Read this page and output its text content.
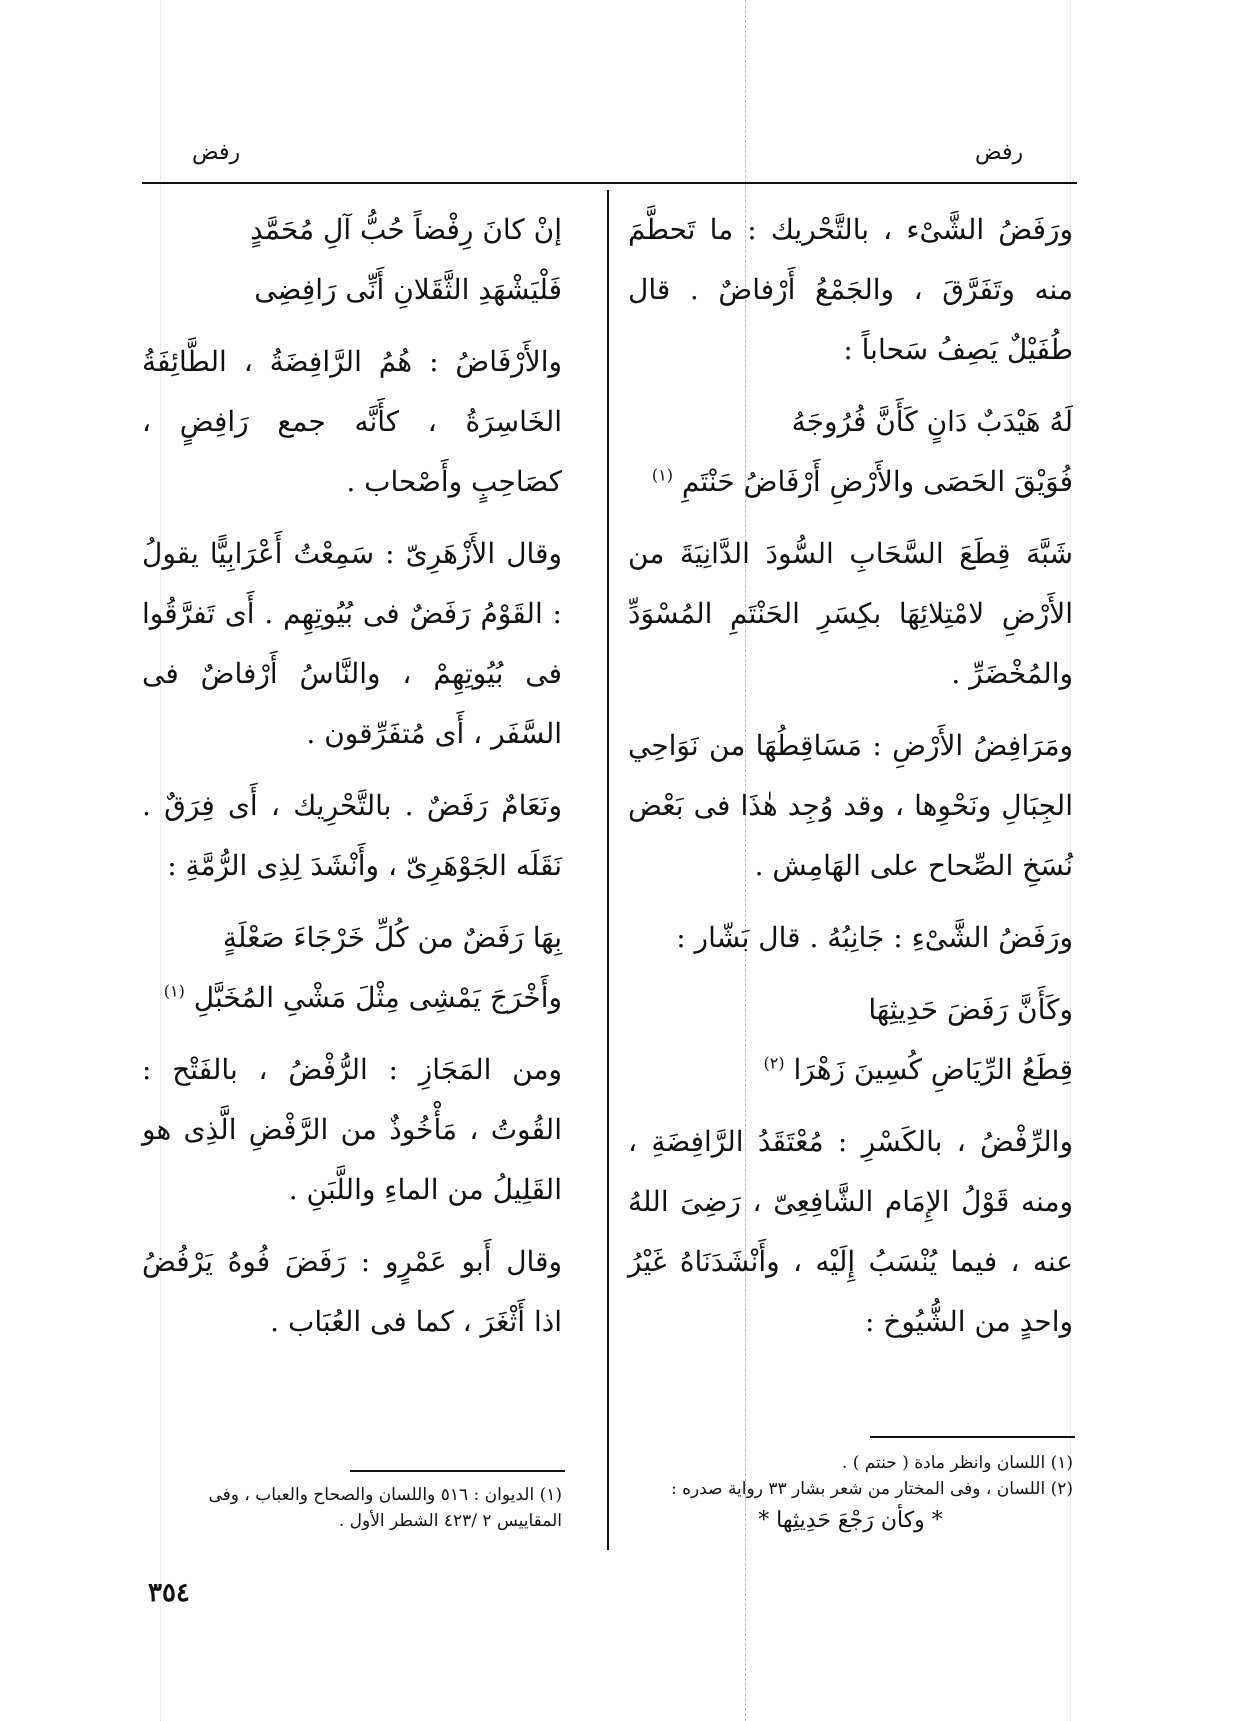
رفض
رفض

ورَفَضُ الشَّىْء ، بالتَّحْريك : ما تَحطَّمَ منه وتَفَرَّقَ ، والجَمْعُ أَرْفاضٌ . قال طُفَيْلٌ يَصِفُ سَحاباً :

لَهُ هَيْدَبٌ دَانٍ كَأَنَّ فُرُوجَهُ
فُوَيْقَ الحَصَى والأَرْضِ أَرْفَاضُ حَنْتَمِ $^{(١)}$

شَبَّهَ قِطَعَ السَّحَابِ السُّودَ الدَّانِيَةَ من الأَرْضِ لامْتِلائِهَا بكِسَرِ الحَنْتَمِ المُسْوَدِّ والمُخْضَرِّ .

ومَرَافِضُ الأَرْضِ : مَسَاقِطُهَا من نَوَاحِي الجِبَالِ ونَحْوِها ، وقد وُجِد هٰذَا فى بَعْض نُسَخِ الصِّحاح على الهَامِش .

ورَفَضُ الشَّىْءِ : جَانِبُهُ . قال بَشّار :

وكَأَنَّ رَفَضَ حَدِيثِهَا
قِطَعُ الرِّيَاضِ كُسِينَ زَهْرَا $^{(٢)}$

والرِّفْضُ ، بالكَسْرِ : مُعْتَقَدُ الرَّافِضَةِ ، ومنه قَوْلُ الإِمَام الشَّافِعِىّ ، رَضِىَ اللهُ عنه ، فيما يُنْسَبُ إِلَيْه ، وأَنْشَدَنَاهُ غَيْرُ واحدٍ من الشُّيُوخ :

إنْ كانَ رِفْضاً حُبُّ آلِ مُحَمَّدٍ
فَلْيَشْهَدِ الثَّقَلانِ أَنِّى رَافِضِى

والأَرْفَاضُ : هُمُ الرَّافِضَةُ ، الطَّائِفَةُ الخَاسِرَةُ ، كأَنَّه جمع رَافِضٍ ، كصَاحِبٍ وأَصْحاب .

وقال الأَزْهَرِىّ : سَمِعْتُ أَعْرَابِيًّا يقولُ : القَوْمُ رَفَضٌ فى بُيُوتِهِم . أَى تَفرَّقُوا فى بُيُوتِهِمْ ، والنَّاسُ أَرْفاضٌ فى السَّفَر ، أَى مُتفَرِّقون .

ونَعَامٌ رَفَضٌ . بالتَّحْرِيك ، أَى فِرَقٌ . نَقَلَه الجَوْهَرِىّ ، وأَنْشَدَ لِذِى الرُّمَّةِ :

بِهَا رَفَضٌ من كُلِّ خَرْجَاءَ صَعْلَةٍ
وأَخْرَجَ يَمْشِى مِثْلَ مَشْىِ المُخَبَّلِ $^{(١)}$

ومن المَجَازِ : الرُّفْضُ ، بالفَتْح : القُوتُ ، مَأْخُوذٌ من الرَّفْضِ الَّذِى هو القَلِيلُ من الماءِ واللَّبَنِ .

وقال أَبو عَمْرٍو : رَفَضَ فُوهُ يَرْفُضُ اذا أَثْغَرَ ، كما فى العُبَاب .

(١) اللسان وانظر مادة ( حنتم ) .
(٢) اللسان ، وفى المختار من شعر بشار ٣٣ رواية صدره :
* وكأن رَجْعَ حَدِيثِها *
(١) الديوان : ٥١٦ واللسان والصحاح والعباب ، وفى المقاييس ٢ /٤٢٣ الشطر الأول .
٣٥٤
